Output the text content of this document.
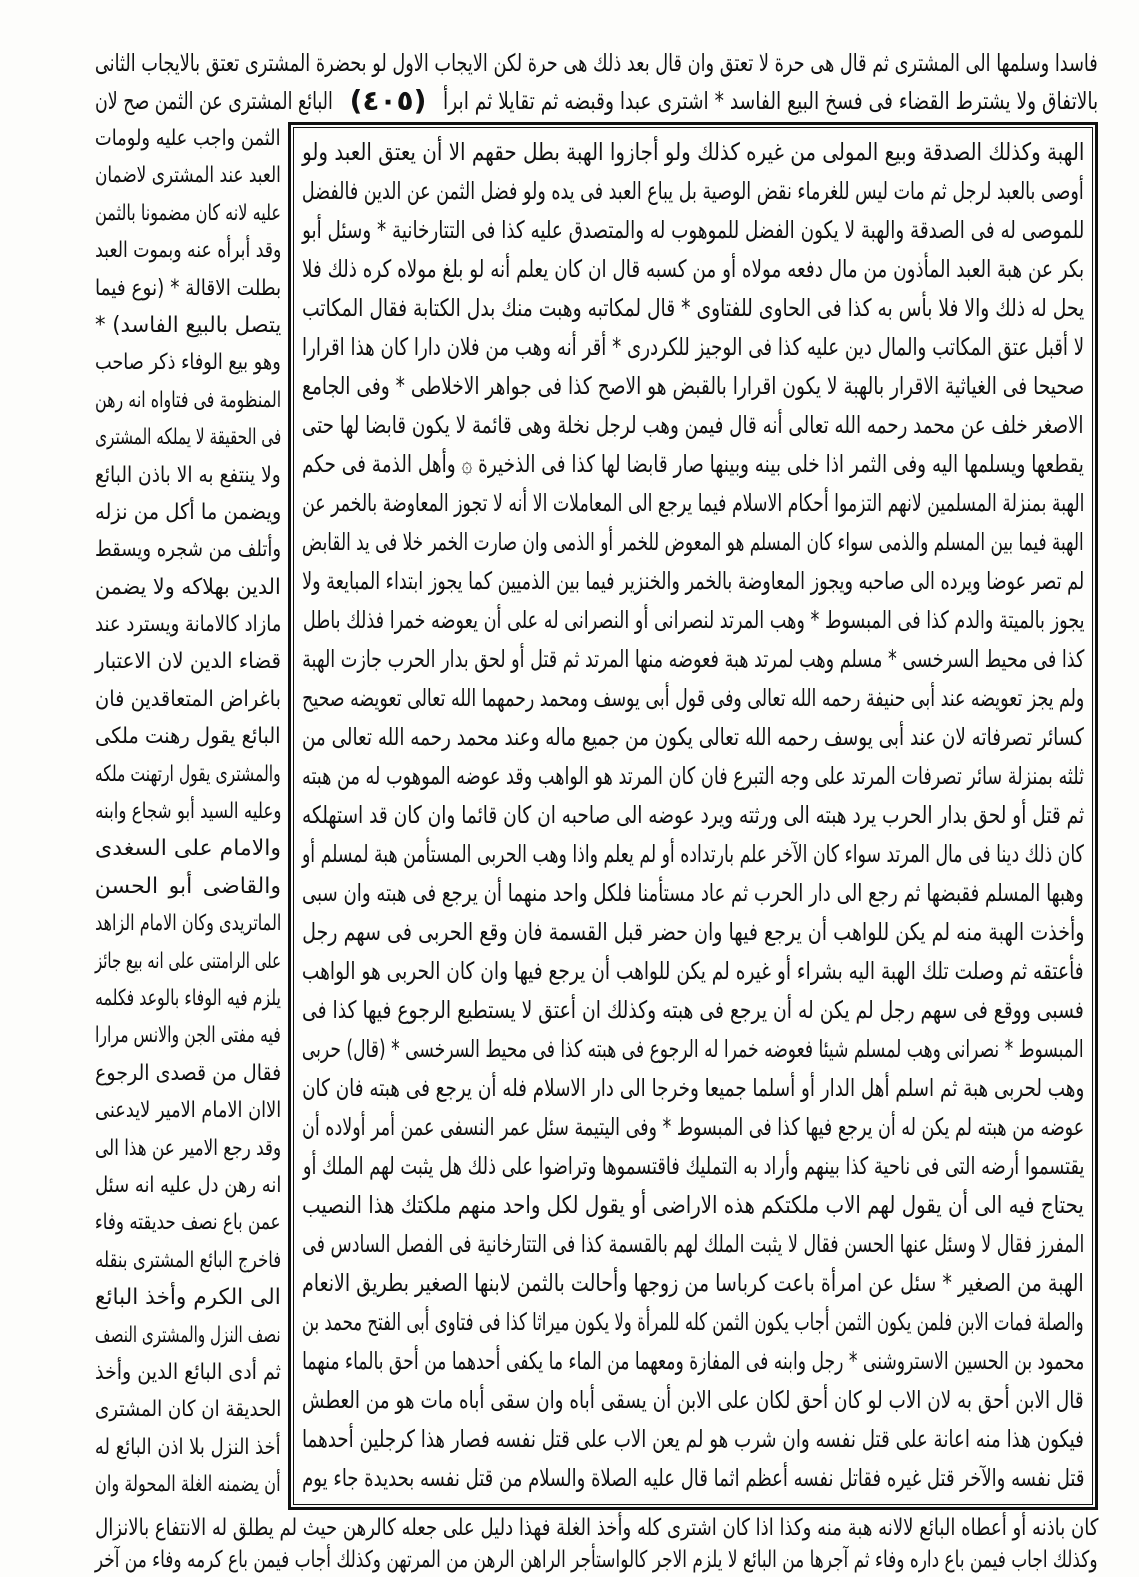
فاسدا وسلمها الى المشترى ثم قال هى حرة لا تعتق وان قال بعد ذلك هى حرة لكن الايجاب الاول لو بحضرة المشترى تعتق بالايجاب الثانى
بالاتفاق ولا يشترط القضاء فى فسخ البيع الفاسد * اشترى عبدا وقبضه ثم تقايلا ثم ابرأ
(٤٠٥)
البائع المشترى عن الثمن صح لان
الهبة وكذلك الصدقة وبيع المولى من غيره كذلك ولو أجازوا الهبة بطل حقهم الا أن يعتق العبد ولو
أوصى بالعبد لرجل ثم مات ليس للغرماء نقض الوصية بل يباع العبد فى يده ولو فضل الثمن عن الدين فالفضل
للموصى له فى الصدقة والهبة لا يكون الفضل للموهوب له والمتصدق عليه كذا فى التتارخانية * وسئل أبو
بكر عن هبة العبد المأذون من مال دفعه مولاه أو من كسبه قال ان كان يعلم أنه لو بلغ مولاه كره ذلك فلا
يحل له ذلك والا فلا بأس به كذا فى الحاوى للفتاوى * قال لمكاتبه وهبت منك بدل الكتابة فقال المكاتب
لا أقبل عتق المكاتب والمال دين عليه كذا فى الوجيز للكردرى * أقر أنه وهب من فلان دارا كان هذا اقرارا
صحيحا فى الغياثية الاقرار بالهبة لا يكون اقرارا بالقبض هو الاصح كذا فى جواهر الاخلاطى * وفى الجامع
الاصغر خلف عن محمد رحمه الله تعالى أنه قال فيمن وهب لرجل نخلة وهى قائمة لا يكون قابضا لها حتى
يقطعها ويسلمها اليه وفى الثمر اذا خلى بينه وبينها صار قابضا لها كذا فى الذخيرة ۞ وأهل الذمة فى حكم
الهبة بمنزلة المسلمين لانهم التزموا أحكام الاسلام فيما يرجع الى المعاملات الا أنه لا تجوز المعاوضة بالخمر عن
الهبة فيما بين المسلم والذمى سواء كان المسلم هو المعوض للخمر أو الذمى وان صارت الخمر خلا فى يد القابض
لم تصر عوضا ويرده الى صاحبه ويجوز المعاوضة بالخمر والخنزير فيما بين الذميين كما يجوز ابتداء المبايعة ولا
يجوز بالميتة والدم كذا فى المبسوط * وهب المرتد لنصرانى أو النصرانى له على أن يعوضه خمرا فذلك باطل
كذا فى محيط السرخسى * مسلم وهب لمرتد هبة فعوضه منها المرتد ثم قتل أو لحق بدار الحرب جازت الهبة
ولم يجز تعويضه عند أبى حنيفة رحمه الله تعالى وفى قول أبى يوسف ومحمد رحمهما الله تعالى تعويضه صحيح
كسائر تصرفاته لان عند أبى يوسف رحمه الله تعالى يكون من جميع ماله وعند محمد رحمه الله تعالى من
ثلثه بمنزلة سائر تصرفات المرتد على وجه التبرع فان كان المرتد هو الواهب وقد عوضه الموهوب له من هبته
ثم قتل أو لحق بدار الحرب يرد هبته الى ورثته ويرد عوضه الى صاحبه ان كان قائما وان كان قد استهلكه
كان ذلك دينا فى مال المرتد سواء كان الآخر علم بارتداده أو لم يعلم واذا وهب الحربى المستأمن هبة لمسلم أو
وهبها المسلم فقبضها ثم رجع الى دار الحرب ثم عاد مستأمنا فلكل واحد منهما أن يرجع فى هبته وان سبى
وأخذت الهبة منه لم يكن للواهب أن يرجع فيها وان حضر قبل القسمة فان وقع الحربى فى سهم رجل
فأعتقه ثم وصلت تلك الهبة اليه بشراء أو غيره لم يكن للواهب أن يرجع فيها وان كان الحربى هو الواهب
فسبى ووقع فى سهم رجل لم يكن له أن يرجع فى هبته وكذلك ان أعتق لا يستطيع الرجوع فيها كذا فى
المبسوط * نصرانى وهب لمسلم شيئا فعوضه خمرا له الرجوع فى هبته كذا فى محيط السرخسى * (قال) حربى
وهب لحربى هبة ثم اسلم أهل الدار أو أسلما جميعا وخرجا الى دار الاسلام فله أن يرجع فى هبته فان كان
عوضه من هبته لم يكن له أن يرجع فيها كذا فى المبسوط * وفى اليتيمة سئل عمر النسفى عمن أمر أولاده أن
يقتسموا أرضه التى فى ناحية كذا بينهم وأراد به التمليك فاقتسموها وتراضوا على ذلك هل يثبت لهم الملك أو
يحتاج فيه الى أن يقول لهم الاب ملكتكم هذه الاراضى أو يقول لكل واحد منهم ملكتك هذا النصيب
المفرز فقال لا وسئل عنها الحسن فقال لا يثبت الملك لهم بالقسمة كذا فى التتارخانية فى الفصل السادس فى
الهبة من الصغير * سئل عن امرأة باعت كرباسا من زوجها وأحالت بالثمن لابنها الصغير بطريق الانعام
والصلة فمات الابن فلمن يكون الثمن أجاب يكون الثمن كله للمرأة ولا يكون ميراثا كذا فى فتاوى أبى الفتح محمد بن
محمود بن الحسين الاستروشنى * رجل وابنه فى المفازة ومعهما من الماء ما يكفى أحدهما من أحق بالماء منهما
قال الابن أحق به لان الاب لو كان أحق لكان على الابن أن يسقى أباه وان سقى أباه مات هو من العطش
فيكون هذا منه اعانة على قتل نفسه وان شرب هو لم يعن الاب على قتل نفسه فصار هذا كرجلين أحدهما
قتل نفسه والآخر قتل غيره فقاتل نفسه أعظم اثما قال عليه الصلاة والسلام من قتل نفسه بحديدة جاء يوم
الثمن واجب عليه ولومات
العبد عند المشترى لاضمان
عليه لانه كان مضمونا بالثمن
وقد أبرأه عنه وبموت العبد
بطلت الاقالة * (نوع فيما
يتصل بالبيع الفاسد) *
وهو بيع الوفاء ذكر صاحب
المنظومة فى فتاواه انه رهن
فى الحقيقة لا يملكه المشترى
ولا ينتفع به الا باذن البائع
ويضمن ما أكل من نزله
وأتلف من شجره ويسقط
الدين بهلاكه ولا يضمن
مازاد كالامانة ويسترد عند
قضاء الدين لان الاعتبار
باغراض المتعاقدين فان
البائع يقول رهنت ملكى
والمشترى يقول ارتهنت ملكه
وعليه السيد أبو شجاع وابنه
والامام على السغدى
والقاضى أبو الحسن
الماتريدى وكان الامام الزاهد
على الرامتنى على انه بيع جائز
يلزم فيه الوفاء بالوعد فكلمه
فيه مفتى الجن والانس مرارا
فقال من قصدى الرجوع
الاان الامام الامير لايدعنى
وقد رجع الامير عن هذا الى
انه رهن دل عليه انه سئل
عمن باع نصف حديقته وفاء
فاخرج البائع المشترى بنقله
الى الكرم وأخذ البائع
نصف النزل والمشترى النصف
ثم أدى البائع الدين وأخذ
الحديقة ان كان المشترى
أخذ النزل بلا اذن البائع له
أن يضمنه الغلة المحولة وان
كان باذنه أو أعطاه البائع لالانه هبة منه وكذا اذا كان اشترى كله وأخذ الغلة فهذا دليل على جعله كالرهن حيث لم يطلق له الانتفاع بالانزال
وكذلك اجاب فيمن باع داره وفاء ثم آجرها من البائع لا يلزم الاجر كالواستأجر الراهن الرهن من المرتهن وكذلك أجاب فيمن باع كرمه وفاء من آخر
